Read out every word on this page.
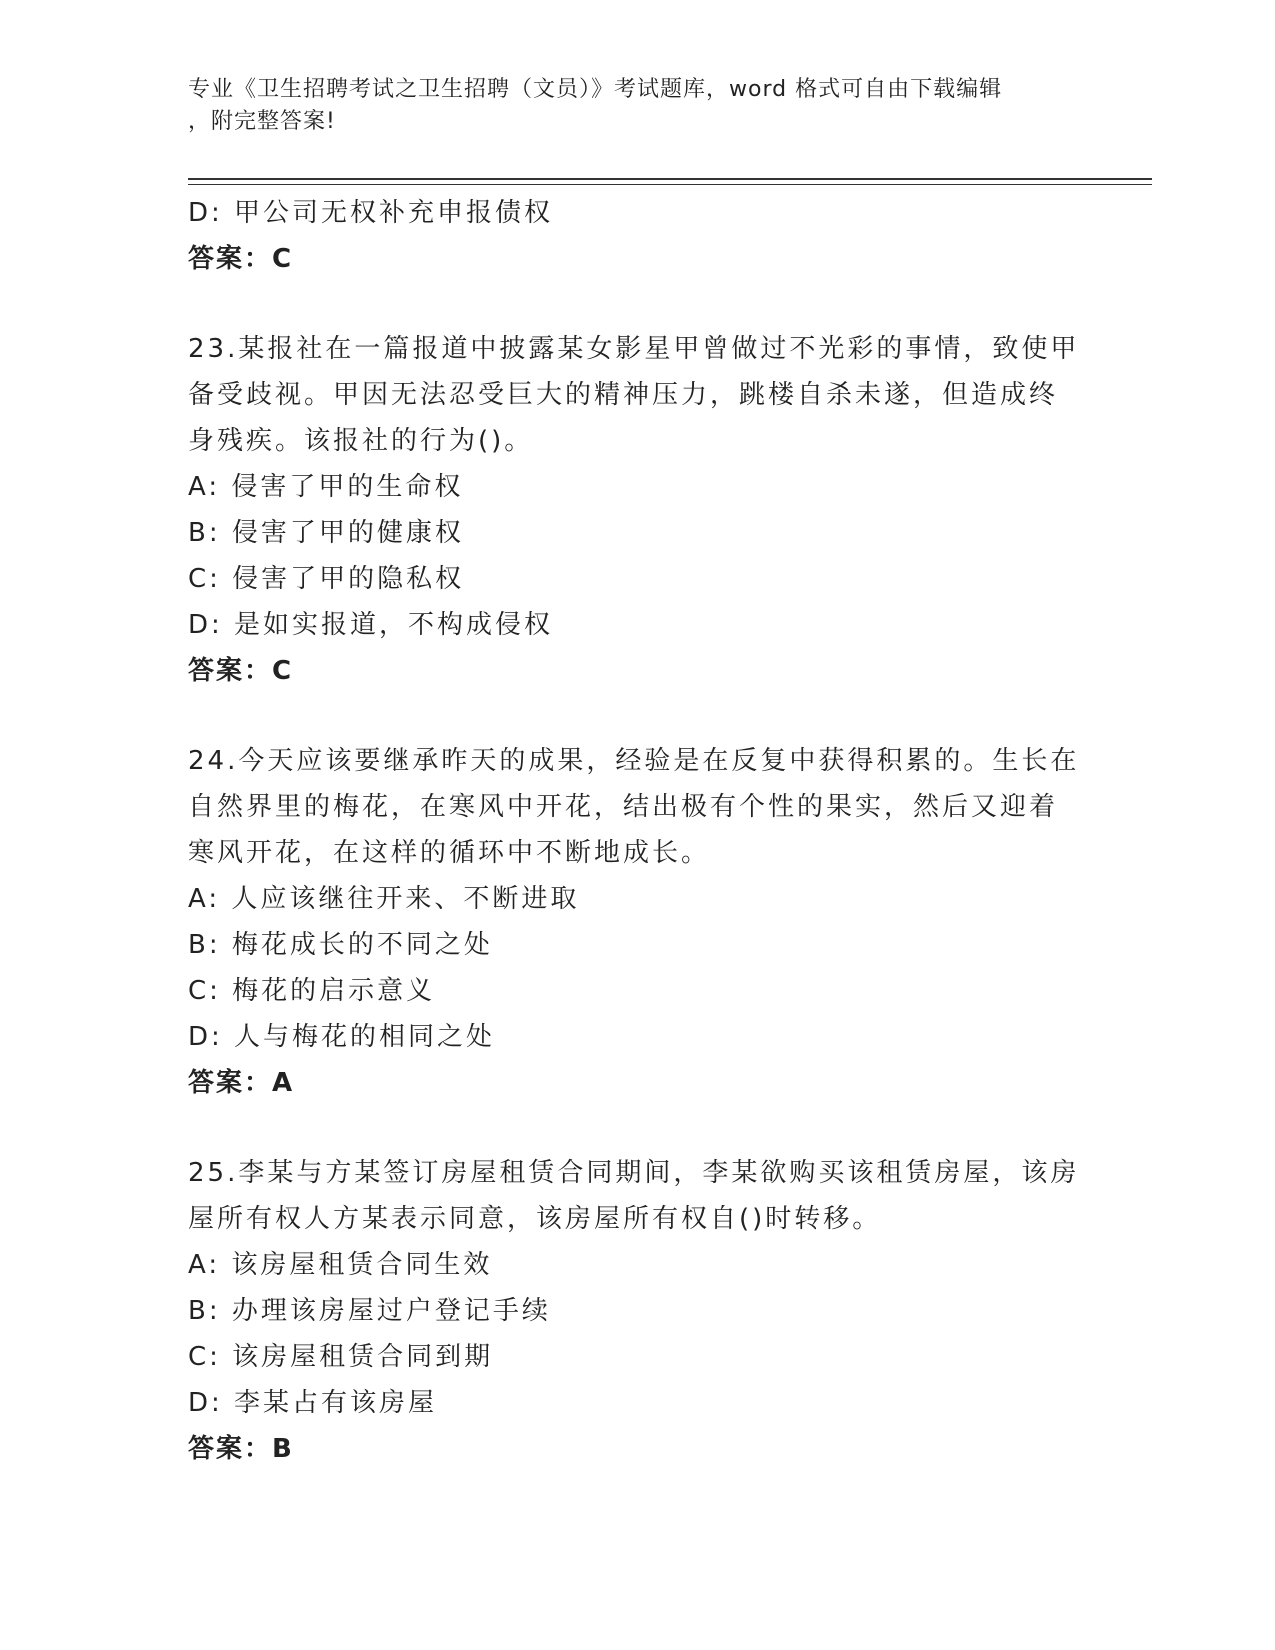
专业《卫生招聘考试之卫生招聘（文员）》考试题库，word 格式可自由下载编辑
，附完整答案!
D: 甲公司无权补充申报债权
答案：C
23.某报社在一篇报道中披露某女影星甲曾做过不光彩的事情，致使甲
备受歧视。甲因无法忍受巨大的精神压力，跳楼自杀未遂，但造成终
身残疾。该报社的行为()。
A: 侵害了甲的生命权
B: 侵害了甲的健康权
C: 侵害了甲的隐私权
D: 是如实报道，不构成侵权
答案：C
24.今天应该要继承昨天的成果，经验是在反复中获得积累的。生长在
自然界里的梅花，在寒风中开花，结出极有个性的果实，然后又迎着
寒风开花，在这样的循环中不断地成长。
A: 人应该继往开来、不断进取
B: 梅花成长的不同之处
C: 梅花的启示意义
D: 人与梅花的相同之处
答案：A
25.李某与方某签订房屋租赁合同期间，李某欲购买该租赁房屋，该房
屋所有权人方某表示同意，该房屋所有权自()时转移。
A: 该房屋租赁合同生效
B: 办理该房屋过户登记手续
C: 该房屋租赁合同到期
D: 李某占有该房屋
答案：B
